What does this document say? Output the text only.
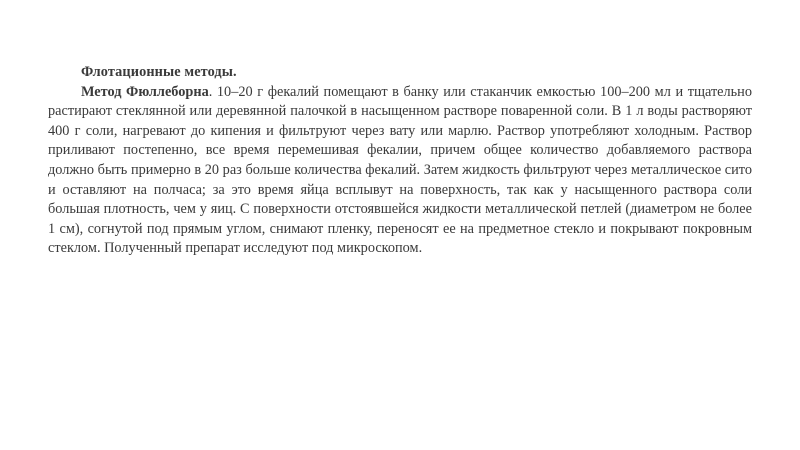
Флотационные методы.

Метод Фюллеборна. 10–20 г фекалий помещают в банку или стаканчик емкостью 100–200 мл и тщательно растирают стеклянной или деревянной палочкой в насыщенном растворе поваренной соли. В 1 л воды растворяют 400 г соли, нагревают до кипения и фильтруют через вату или марлю. Раствор употребляют холодным. Раствор приливают постепенно, все время перемешивая фекалии, причем общее количество добавляемого раствора должно быть примерно в 20 раз больше количества фекалий. Затем жидкость фильтруют через металлическое сито и оставляют на полчаса; за это время яйца всплывут на поверхность, так как у насыщенного раствора соли большая плотность, чем у яиц. С поверхности отстоявшейся жидкости металлической петлей (диаметром не более 1 см), согнутой под прямым углом, снимают пленку, переносят ее на предметное стекло и покрывают покровным стеклом. Полученный препарат исследуют под микроскопом.
